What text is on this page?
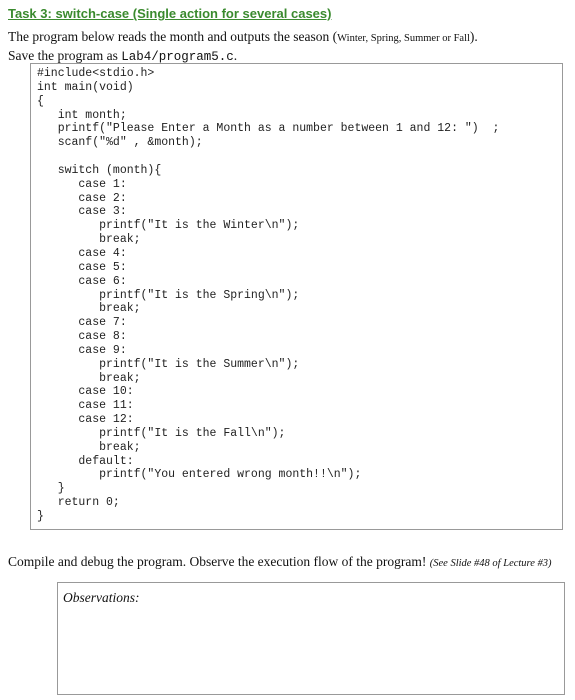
Task 3: switch-case (Single action for several cases)
The program below reads the month and outputs the season (Winter, Spring, Summer or Fall).
Save the program as Lab4/program5.c.
#include<stdio.h>
int main(void)
{
int month;
printf("Please Enter a Month as a number between 1 and 12: ")  ;
scanf("%d" , &month);
switch (month){
case 1:
case 2:
case 3:
printf("It is the Winter\n");
break;
case 4:
case 5:
case 6:
printf("It is the Spring\n");
break;
case 7:
case 8:
case 9:
printf("It is the Summer\n");
break;
case 10:
case 11:
case 12:
printf("It is the Fall\n");
break;
default:
printf("You entered wrong month!!\n");
}
return 0;
}
Compile and debug the program. Observe the execution flow of the program! (See Slide #48 of Lecture #3)
Observations:
